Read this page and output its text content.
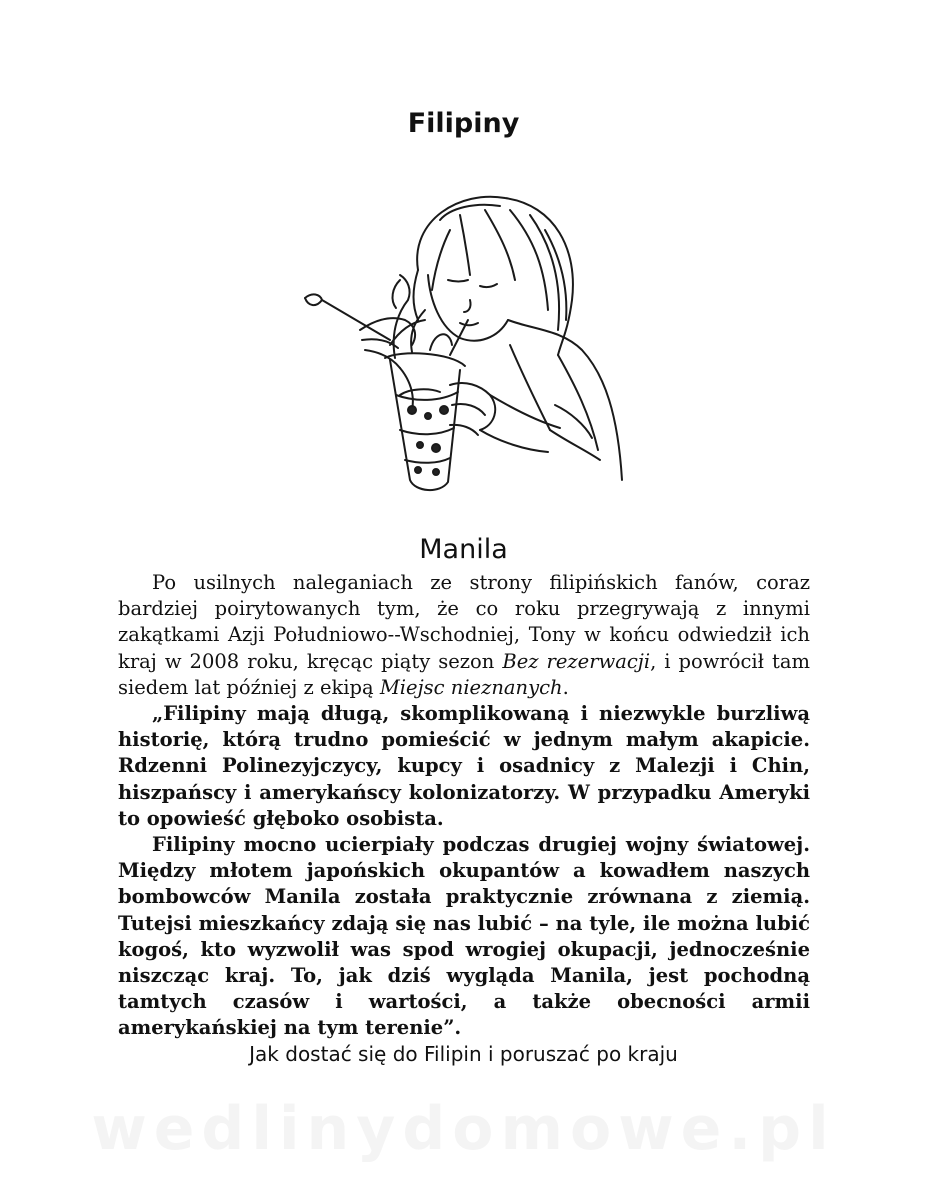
Filipiny
Manila

Po usilnych naleganiach ze strony filipińskich fanów, coraz bardziej poirytowanych tym, że co roku przegrywają z innymi zakątkami Azji Południowo--Wschodniej, Tony w końcu odwiedził ich kraj w 2008 roku, kręcąc piąty sezon Bez rezerwacji, i powrócił tam siedem lat później z ekipą Miejsc nieznanych.

„Filipiny mają długą, skomplikowaną i niezwykle burzliwą historię, którą trudno pomieścić w jednym małym akapicie. Rdzenni Polinezyjczycy, kupcy i osadnicy z Malezji i Chin, hiszpańscy i amerykańscy kolonizatorzy. W przypadku Ameryki to opowieść głęboko osobista.

Filipiny mocno ucierpiały podczas drugiej wojny światowej. Między młotem japońskich okupantów a kowadłem naszych bombowców Manila została praktycznie zrównana z ziemią. Tutejsi mieszkańcy zdają się nas lubić – na tyle, ile można lubić kogoś, kto wyzwolił was spod wrogiej okupacji, jednocześnie niszcząc kraj. To, jak dziś wygląda Manila, jest pochodną tamtych czasów i wartości, a także obecności armii amerykańskiej na tym terenie”.

Jak dostać się do Filipin i poruszać po kraju
wedlinydomowe.pl
